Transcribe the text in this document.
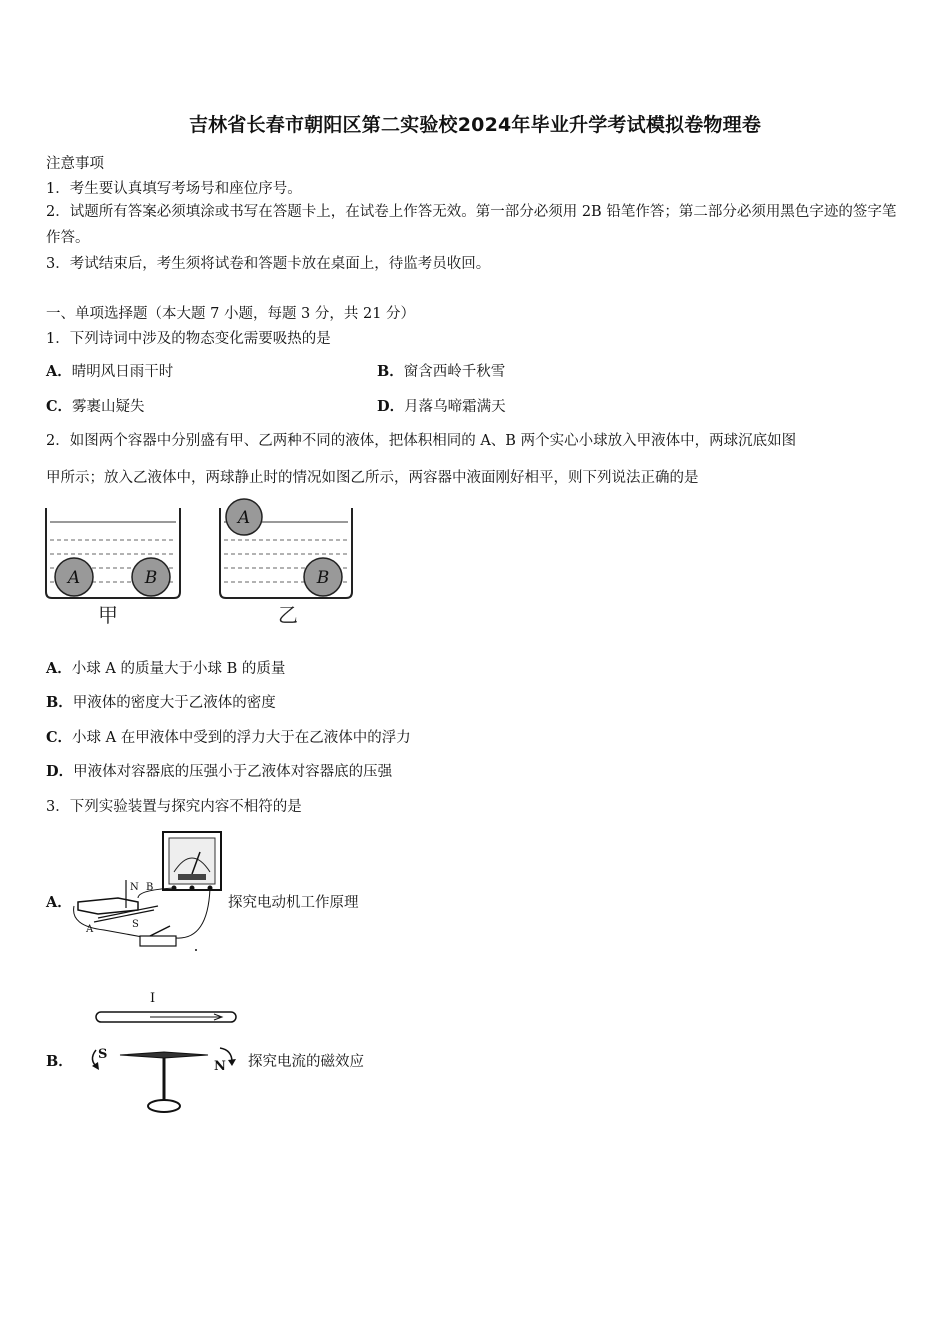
吉林省长春市朝阳区第二实验校2024年毕业升学考试模拟卷物理卷
注意事项
1．考生要认真填写考场号和座位序号。
2．试题所有答案必须填涂或书写在答题卡上，在试卷上作答无效。第一部分必须用 2B 铅笔作答；第二部分必须用黑色字迹的签字笔作答。
3．考试结束后，考生须将试卷和答题卡放在桌面上，待监考员收回。
一、单项选择题（本大题 7 小题，每题 3 分，共 21 分）
1．下列诗词中涉及的物态变化需要吸热的是
A．晴明风日雨干时	B．窗含西岭千秋雪
C．雾裹山疑失	D．月落乌啼霜满天
2．如图两个容器中分别盛有甲、乙两种不同的液体，把体积相同的 A、B 两个实心小球放入甲液体中，两球沉底如图
甲所示；放入乙液体中，两球静止时的情况如图乙所示，两容器中液面刚好相平，则下列说法正确的是
A	B
甲
A
B
乙
A．小球 A 的质量大于小球 B 的质量
B．甲液体的密度大于乙液体的密度
C．小球 A 在甲液体中受到的浮力大于在乙液体中的浮力
D．甲液体对容器底的压强小于乙液体对容器底的压强
3．下列实验装置与探究内容不相符的是
A．
N B
S
A
探究电动机工作原理
B．
I
S
N 探究电流的磁效应
